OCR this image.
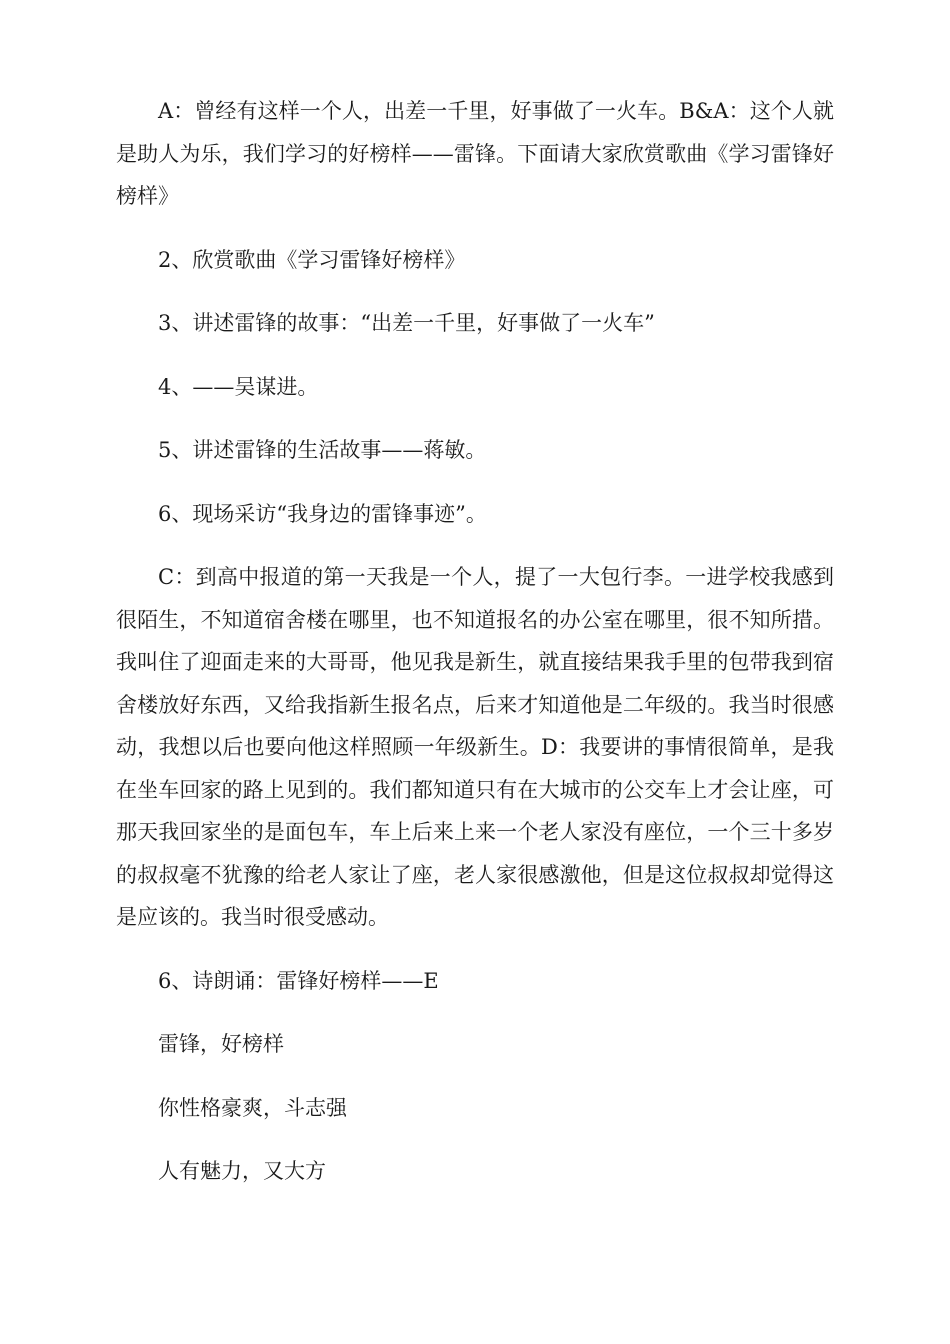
A：曾经有这样一个人，出差一千里，好事做了一火车。B&A：这个人就是助人为乐，我们学习的好榜样——雷锋。下面请大家欣赏歌曲《学习雷锋好榜样》

2、欣赏歌曲《学习雷锋好榜样》

3、讲述雷锋的故事：“出差一千里，好事做了一火车”

4、——吴谋进。

5、讲述雷锋的生活故事——蒋敏。

6、现场采访“我身边的雷锋事迹”。

C：到高中报道的第一天我是一个人，提了一大包行李。一进学校我感到很陌生，不知道宿舍楼在哪里，也不知道报名的办公室在哪里，很不知所措。我叫住了迎面走来的大哥哥，他见我是新生，就直接结果我手里的包带我到宿舍楼放好东西，又给我指新生报名点，后来才知道他是二年级的。我当时很感动，我想以后也要向他这样照顾一年级新生。D：我要讲的事情很简单，是我在坐车回家的路上见到的。我们都知道只有在大城市的公交车上才会让座，可那天我回家坐的是面包车，车上后来上来一个老人家没有座位，一个三十多岁的叔叔毫不犹豫的给老人家让了座，老人家很感激他，但是这位叔叔却觉得这是应该的。我当时很受感动。

6、诗朗诵：雷锋好榜样——E

雷锋，好榜样

你性格豪爽，斗志强

人有魅力，又大方
